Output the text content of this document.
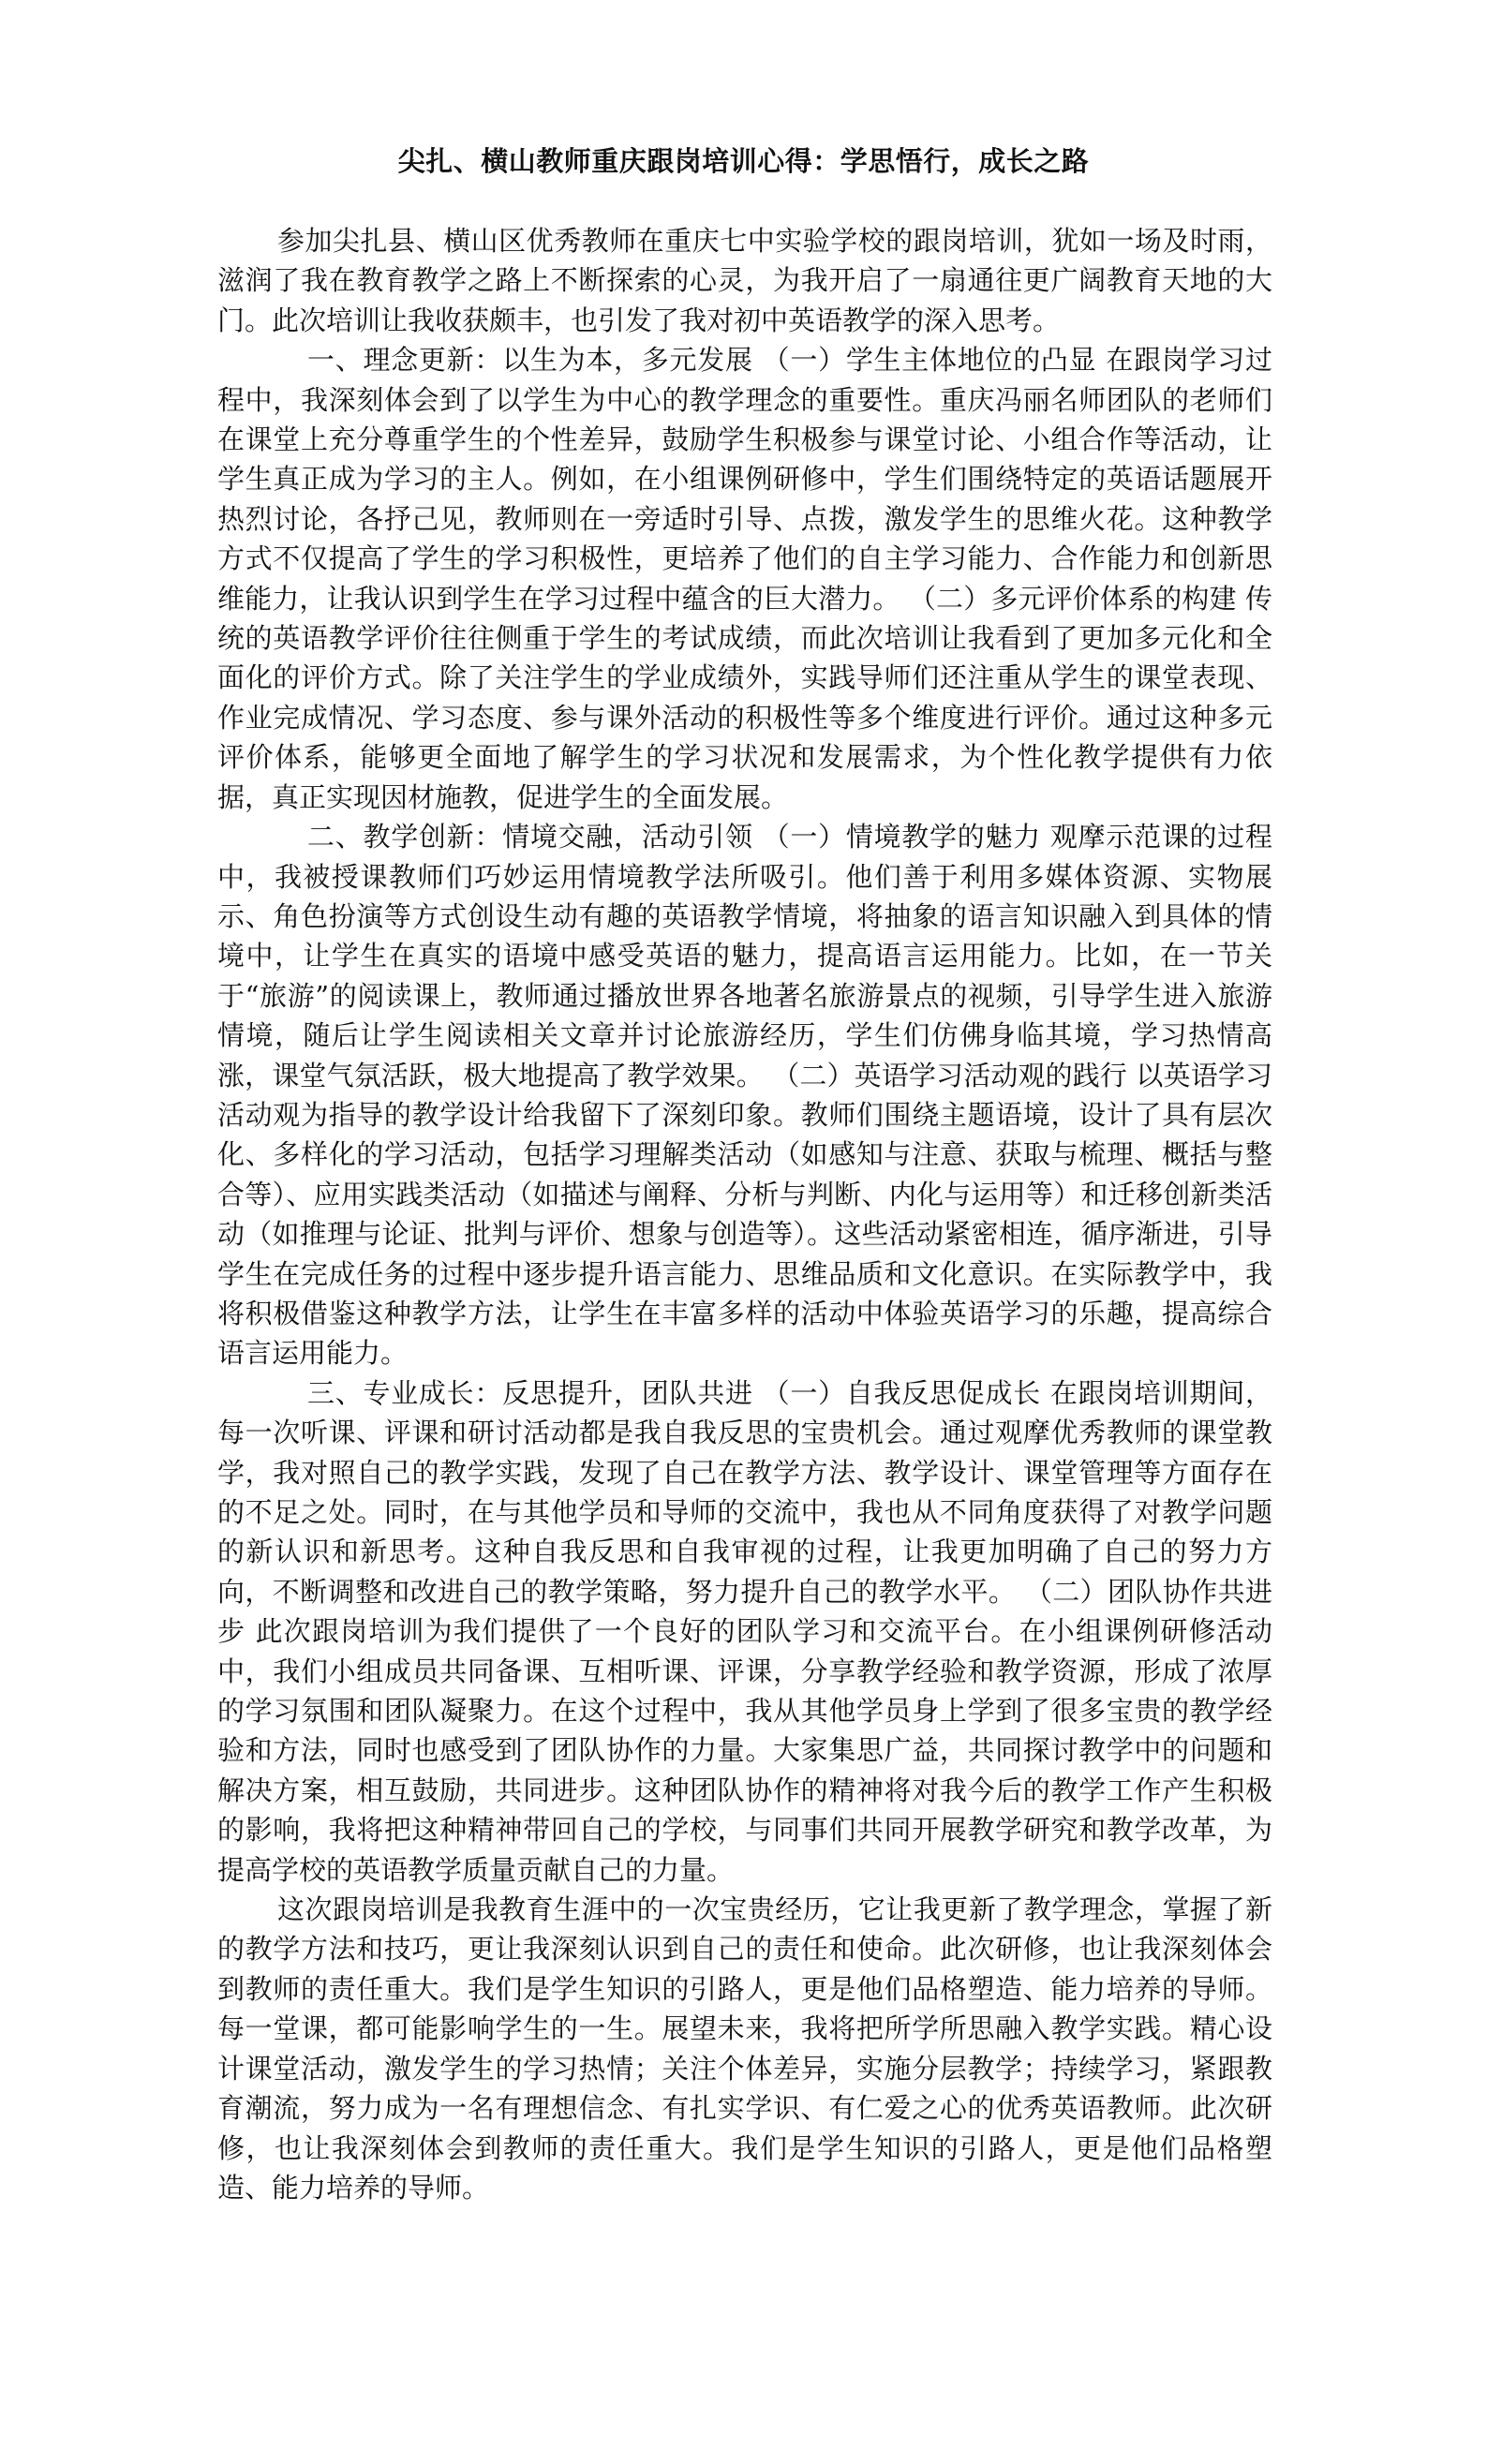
尖扎、横山教师重庆跟岗培训心得：学思悟行，成长之路

参加尖扎县、横山区优秀教师在重庆七中实验学校的跟岗培训，犹如一场及时雨，滋润了我在教育教学之路上不断探索的心灵，为我开启了一扇通往更广阔教育天地的大门。此次培训让我收获颇丰，也引发了我对初中英语教学的深入思考。

一、理念更新：以生为本，多元发展 （一）学生主体地位的凸显 在跟岗学习过程中，我深刻体会到了以学生为中心的教学理念的重要性。重庆冯丽名师团队的老师们在课堂上充分尊重学生的个性差异，鼓励学生积极参与课堂讨论、小组合作等活动，让学生真正成为学习的主人。例如，在小组课例研修中，学生们围绕特定的英语话题展开热烈讨论，各抒己见，教师则在一旁适时引导、点拨，激发学生的思维火花。这种教学方式不仅提高了学生的学习积极性，更培养了他们的自主学习能力、合作能力和创新思维能力，让我认识到学生在学习过程中蕴含的巨大潜力。 （二）多元评价体系的构建 传统的英语教学评价往往侧重于学生的考试成绩，而此次培训让我看到了更加多元化和全面化的评价方式。除了关注学生的学业成绩外，实践导师们还注重从学生的课堂表现、作业完成情况、学习态度、参与课外活动的积极性等多个维度进行评价。通过这种多元评价体系，能够更全面地了解学生的学习状况和发展需求，为个性化教学提供有力依据，真正实现因材施教，促进学生的全面发展。

二、教学创新：情境交融，活动引领 （一）情境教学的魅力 观摩示范课的过程中，我被授课教师们巧妙运用情境教学法所吸引。他们善于利用多媒体资源、实物展示、角色扮演等方式创设生动有趣的英语教学情境，将抽象的语言知识融入到具体的情境中，让学生在真实的语境中感受英语的魅力，提高语言运用能力。比如，在一节关于“旅游”的阅读课上，教师通过播放世界各地著名旅游景点的视频，引导学生进入旅游情境，随后让学生阅读相关文章并讨论旅游经历，学生们仿佛身临其境，学习热情高涨，课堂气氛活跃，极大地提高了教学效果。 （二）英语学习活动观的践行 以英语学习活动观为指导的教学设计给我留下了深刻印象。教师们围绕主题语境，设计了具有层次化、多样化的学习活动，包括学习理解类活动（如感知与注意、获取与梳理、概括与整合等）、应用实践类活动（如描述与阐释、分析与判断、内化与运用等）和迁移创新类活动（如推理与论证、批判与评价、想象与创造等）。这些活动紧密相连，循序渐进，引导学生在完成任务的过程中逐步提升语言能力、思维品质和文化意识。在实际教学中，我将积极借鉴这种教学方法，让学生在丰富多样的活动中体验英语学习的乐趣，提高综合语言运用能力。

三、专业成长：反思提升，团队共进 （一）自我反思促成长 在跟岗培训期间，每一次听课、评课和研讨活动都是我自我反思的宝贵机会。通过观摩优秀教师的课堂教学，我对照自己的教学实践，发现了自己在教学方法、教学设计、课堂管理等方面存在的不足之处。同时，在与其他学员和导师的交流中，我也从不同角度获得了对教学问题的新认识和新思考。这种自我反思和自我审视的过程，让我更加明确了自己的努力方向，不断调整和改进自己的教学策略，努力提升自己的教学水平。 （二）团队协作共进步 此次跟岗培训为我们提供了一个良好的团队学习和交流平台。在小组课例研修活动中，我们小组成员共同备课、互相听课、评课，分享教学经验和教学资源，形成了浓厚的学习氛围和团队凝聚力。在这个过程中，我从其他学员身上学到了很多宝贵的教学经验和方法，同时也感受到了团队协作的力量。大家集思广益，共同探讨教学中的问题和解决方案，相互鼓励，共同进步。这种团队协作的精神将对我今后的教学工作产生积极的影响，我将把这种精神带回自己的学校，与同事们共同开展教学研究和教学改革，为提高学校的英语教学质量贡献自己的力量。

这次跟岗培训是我教育生涯中的一次宝贵经历，它让我更新了教学理念，掌握了新的教学方法和技巧，更让我深刻认识到自己的责任和使命。此次研修，也让我深刻体会到教师的责任重大。我们是学生知识的引路人，更是他们品格塑造、能力培养的导师。每一堂课，都可能影响学生的一生。展望未来，我将把所学所思融入教学实践。精心设计课堂活动，激发学生的学习热情；关注个体差异，实施分层教学；持续学习，紧跟教育潮流，努力成为一名有理想信念、有扎实学识、有仁爱之心的优秀英语教师。此次研修，也让我深刻体会到教师的责任重大。我们是学生知识的引路人，更是他们品格塑造、能力培养的导师。
